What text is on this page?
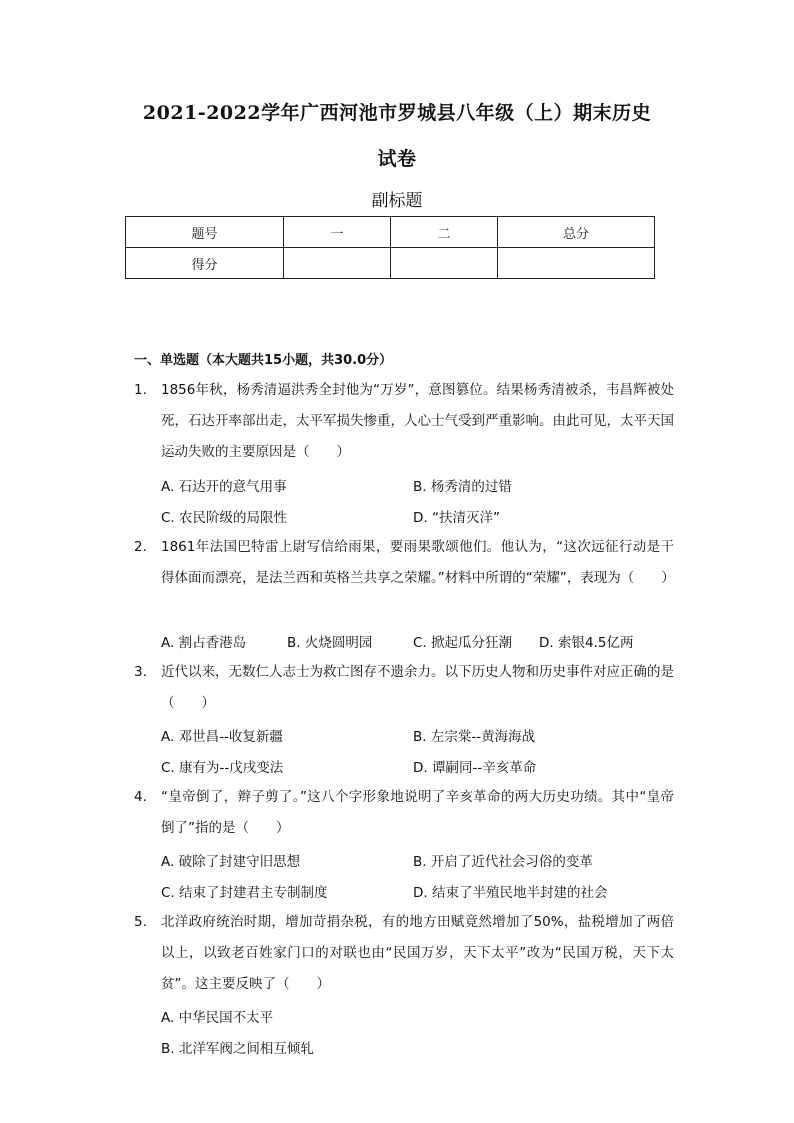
2021-2022学年广西河池市罗城县八年级（上）期末历史
试卷
副标题
题号	一	二	总分
得分			
一、单选题（本大题共15小题，共30.0分）
1. 1856年秋，杨秀清逼洪秀全封他为“万岁”，意图篡位。结果杨秀清被杀，韦昌辉被处死，石达开率部出走，太平军损失惨重，人心士气受到严重影响。由此可见，太平天国运动失败的主要原因是（　　）
A. 石达开的意气用事	B. 杨秀清的过错
C. 农民阶级的局限性	D. “扶清灭洋”
2. 1861年法国巴特雷上尉写信给雨果，要雨果歌颂他们。他认为，“这次远征行动是干得体面而漂亮，是法兰西和英格兰共享之荣耀。”材料中所谓的“荣耀”，表现为（　　）
A. 割占香港岛	B. 火烧圆明园	C. 掀起瓜分狂潮 D. 索银4.5亿两
3. 近代以来，无数仁人志士为救亡图存不遗余力。以下历史人物和历史事件对应正确的是（　　）
A. 邓世昌--收复新疆	B. 左宗棠--黄海海战
C. 康有为--戊戌变法	D. 谭嗣同--辛亥革命
4. “皇帝倒了，辫子剪了。”这八个字形象地说明了辛亥革命的两大历史功绩。其中“皇帝倒了”指的是（　　）
A. 破除了封建守旧思想	B. 开启了近代社会习俗的变革
C. 结束了封建君主专制制度	D. 结束了半殖民地半封建的社会
5. 北洋政府统治时期，增加苛捐杂税，有的地方田赋竟然增加了50%，盐税增加了两倍以上，以致老百姓家门口的对联也由“民国万岁，天下太平”改为“民国万税，天下太贫”。这主要反映了（　　）
A. 中华民国不太平
B. 北洋军阀之间相互倾轧
